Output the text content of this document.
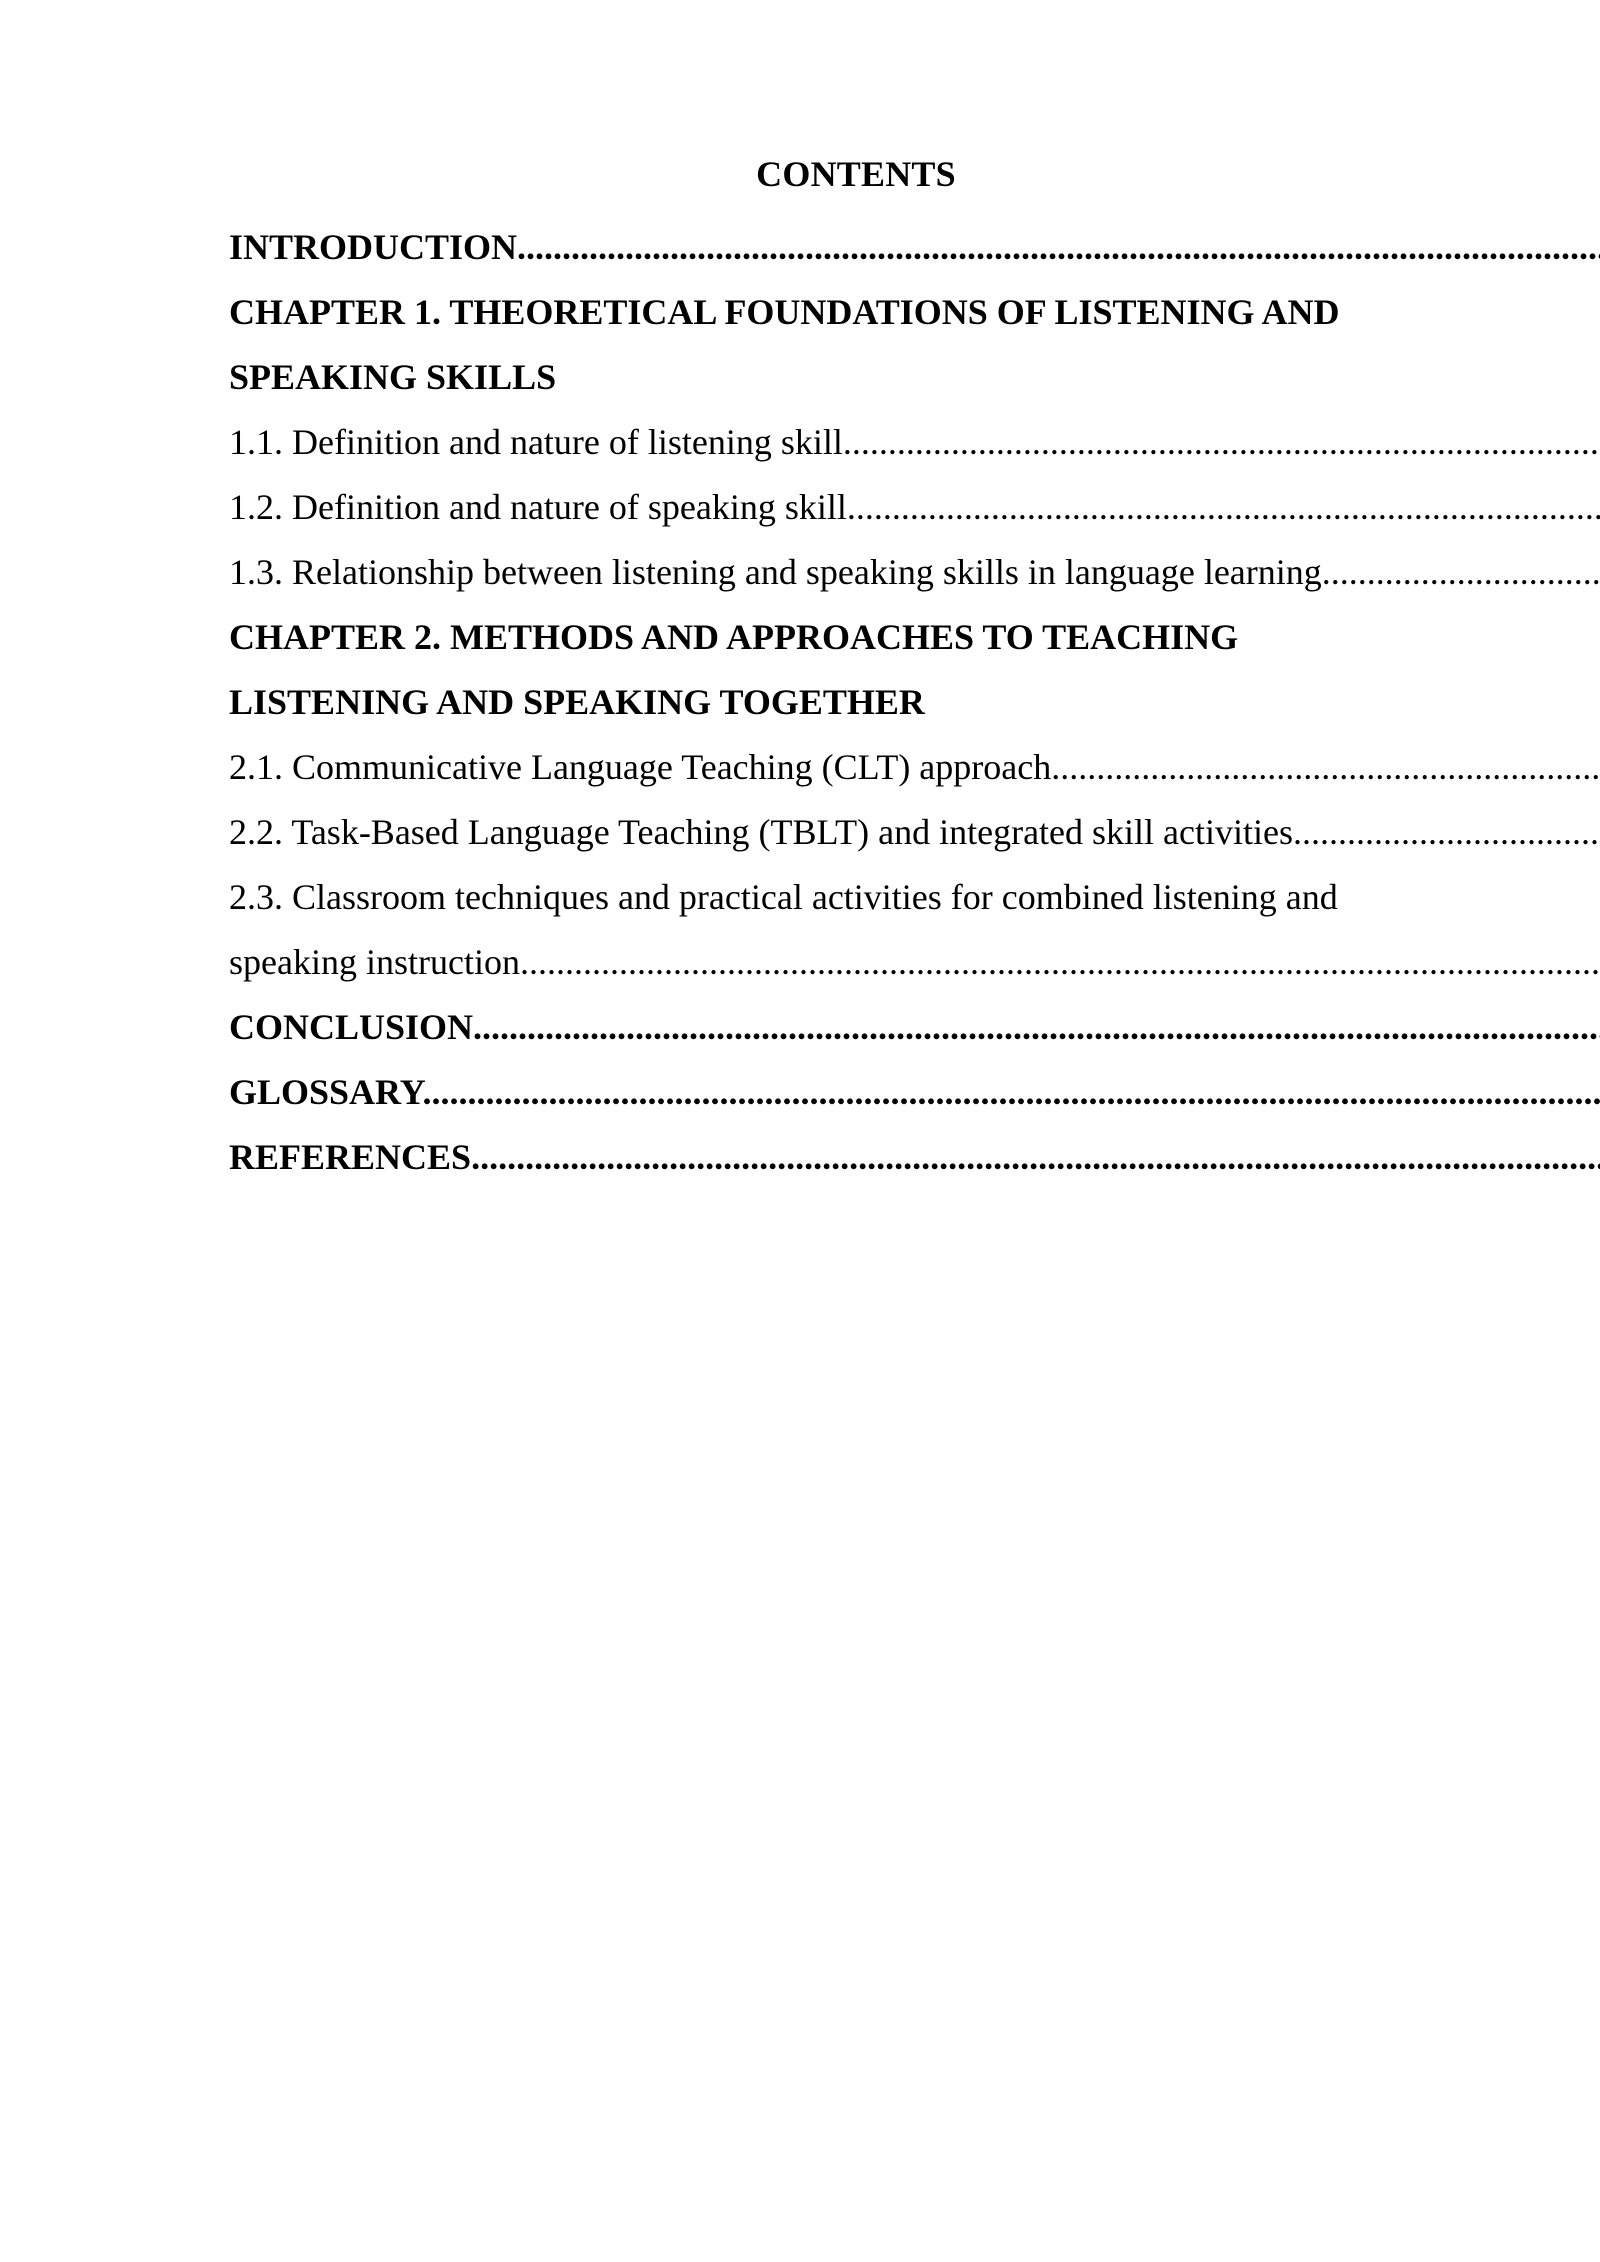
CONTENTS
INTRODUCTION .....
CHAPTER 1. THEORETICAL FOUNDATIONS OF LISTENING AND
SPEAKING SKILLS
1.1. Definition and nature of listening skill .....
1.2. Definition and nature of speaking skill .....
1.3. Relationship between listening and speaking skills in language learning .....
CHAPTER 2. METHODS AND APPROACHES TO TEACHING
LISTENING AND SPEAKING TOGETHER
2.1. Communicative Language Teaching (CLT) approach .....
2.2. Task-Based Language Teaching (TBLT) and integrated skill activities .....
2.3. Classroom techniques and practical activities for combined listening and
speaking instruction .....
CONCLUSION .....
GLOSSARY .....
REFERENCES .....
